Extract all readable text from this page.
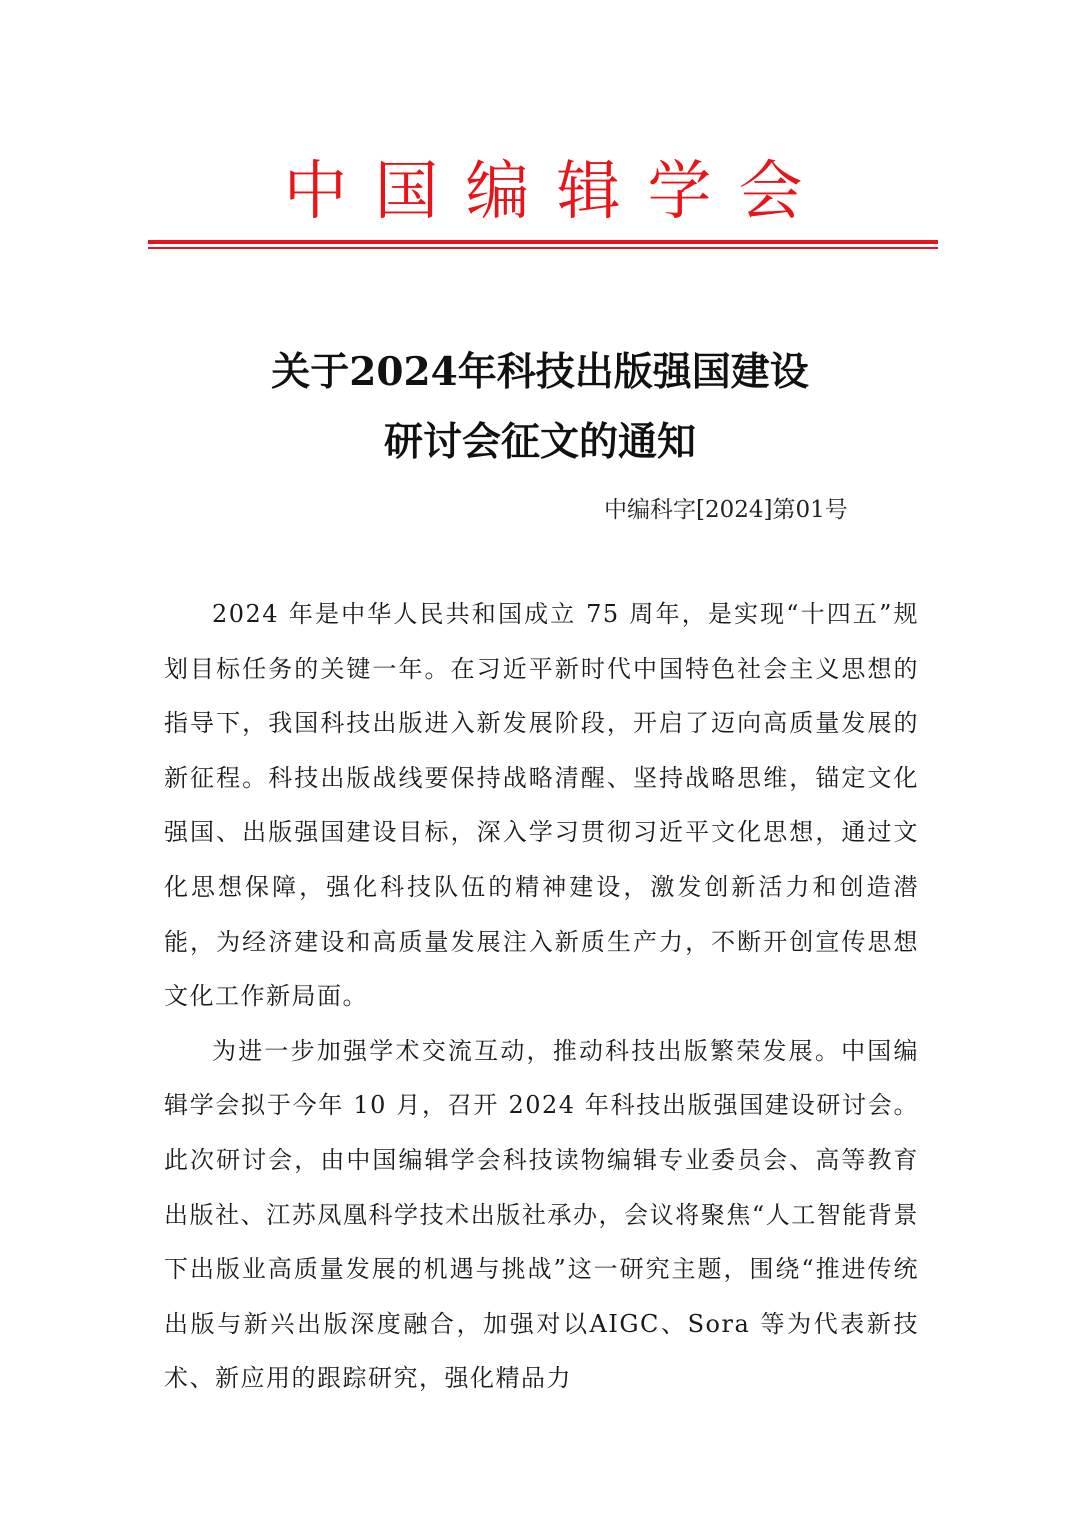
中国编辑学会
关于2024年科技出版强国建设
研讨会征文的通知
中编科字[2024]第01号

2024 年是中华人民共和国成立 75 周年，是实现“十四五”规划目标任务的关键一年。在习近平新时代中国特色社会主义思想的指导下，我国科技出版进入新发展阶段，开启了迈向高质量发展的新征程。科技出版战线要保持战略清醒、坚持战略思维，锚定文化强国、出版强国建设目标，深入学习贯彻习近平文化思想，通过文化思想保障，强化科技队伍的精神建设，激发创新活力和创造潜能，为经济建设和高质量发展注入新质生产力，不断开创宣传思想文化工作新局面。

为进一步加强学术交流互动，推动科技出版繁荣发展。中国编辑学会拟于今年 10 月，召开 2024 年科技出版强国建设研讨会。此次研讨会，由中国编辑学会科技读物编辑专业委员会、高等教育出版社、江苏凤凰科学技术出版社承办，会议将聚焦“人工智能背景下出版业高质量发展的机遇与挑战”这一研究主题，围绕“推进传统出版与新兴出版深度融合，加强对以AIGC、Sora 等为代表新技术、新应用的跟踪研究，强化精品力
